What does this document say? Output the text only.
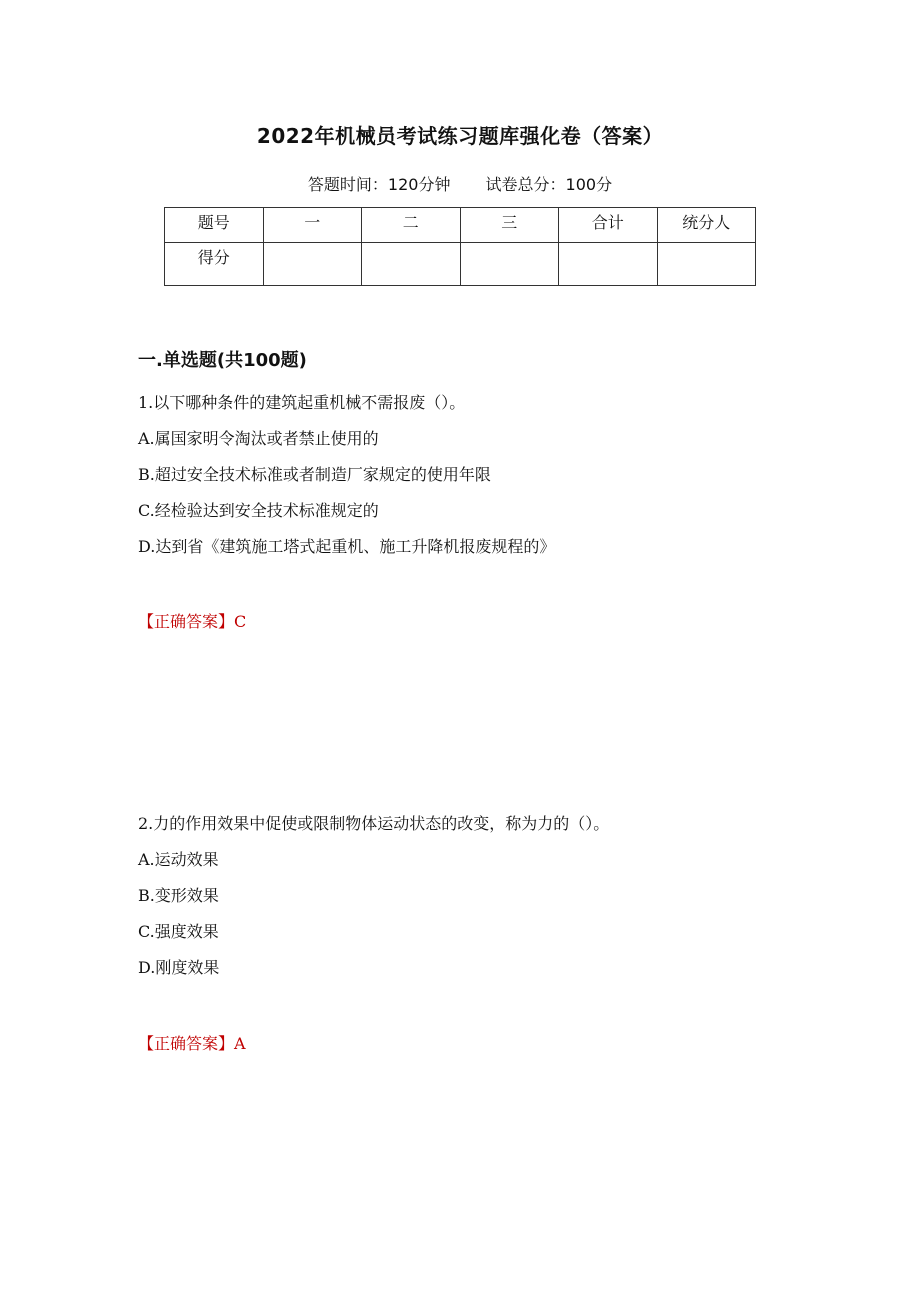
2022年机械员考试练习题库强化卷（答案）
答题时间：120分钟 试卷总分：100分
题号	一	二	三	合计	统分人
得分					
一.单选题(共100题)
1.以下哪种条件的建筑起重机械不需报废（）。
A.属国家明令淘汰或者禁止使用的
B.超过安全技术标准或者制造厂家规定的使用年限
C.经检验达到安全技术标准规定的
D.达到省《建筑施工塔式起重机、施工升降机报废规程的》
【正确答案】C
2.力的作用效果中促使或限制物体运动状态的改变，称为力的（）。
A.运动效果
B.变形效果
C.强度效果
D.刚度效果
【正确答案】A
